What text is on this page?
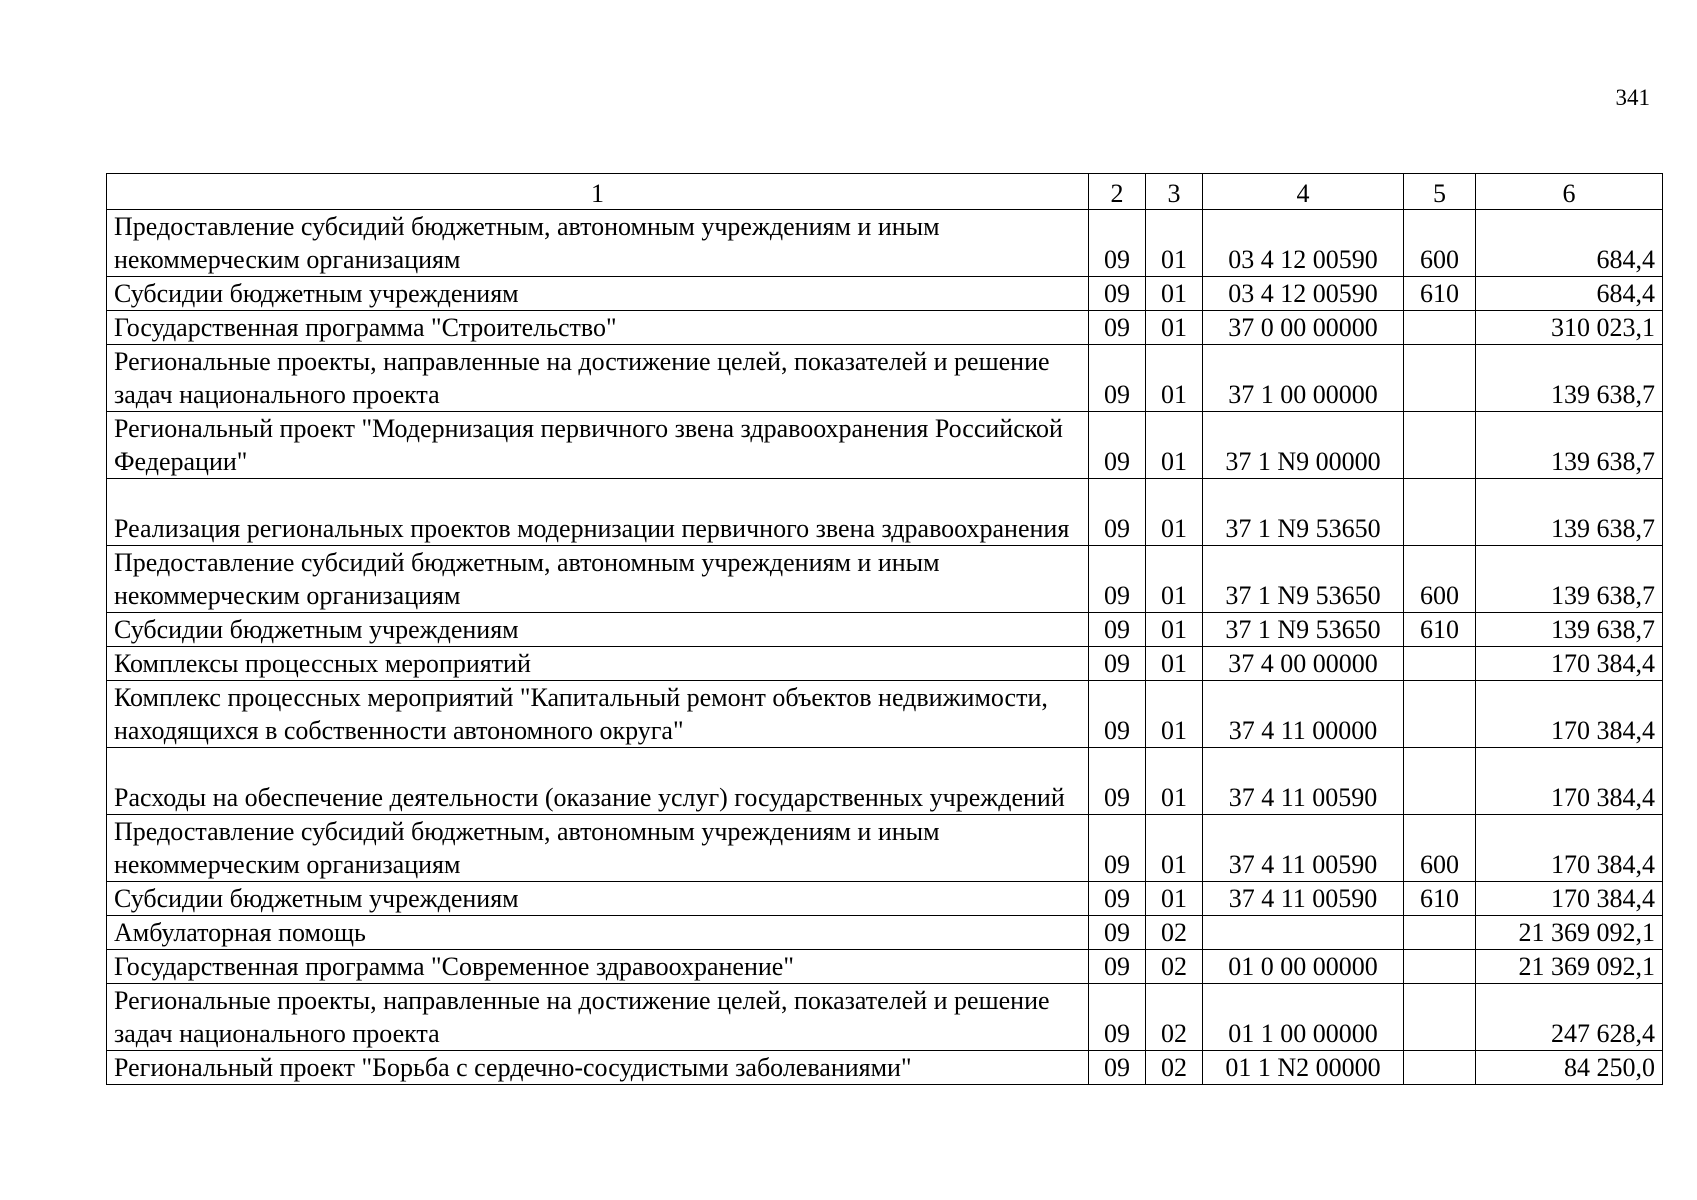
341
1	2	3	4	5	6
Предоставление субсидий бюджетным, автономным учреждениям и иным некоммерческим организациям	09	01	03 4 12 00590	600	684,4
Субсидии бюджетным учреждениям	09	01	03 4 12 00590	610	684,4
Государственная программа "Строительство"	09	01	37 0 00 00000		310 023,1
Региональные проекты, направленные на достижение целей, показателей и решение задач национального проекта	09	01	37 1 00 00000		139 638,7
Региональный проект "Модернизация первичного звена здравоохранения Российской Федерации"	09	01	37 1 N9 00000		139 638,7
Реализация региональных проектов модернизации первичного звена здравоохранения	09	01	37 1 N9 53650		139 638,7
Предоставление субсидий бюджетным, автономным учреждениям и иным некоммерческим организациям	09	01	37 1 N9 53650	600	139 638,7
Субсидии бюджетным учреждениям	09	01	37 1 N9 53650	610	139 638,7
Комплексы процессных мероприятий	09	01	37 4 00 00000		170 384,4
Комплекс процессных мероприятий "Капитальный ремонт объектов недвижимости, находящихся в собственности автономного округа"	09	01	37 4 11 00000		170 384,4
Расходы на обеспечение деятельности (оказание услуг) государственных учреждений	09	01	37 4 11 00590		170 384,4
Предоставление субсидий бюджетным, автономным учреждениям и иным некоммерческим организациям	09	01	37 4 11 00590	600	170 384,4
Субсидии бюджетным учреждениям	09	01	37 4 11 00590	610	170 384,4
Амбулаторная помощь	09	02			21 369 092,1
Государственная программа "Современное здравоохранение"	09	02	01 0 00 00000		21 369 092,1
Региональные проекты, направленные на достижение целей, показателей и решение задач национального проекта	09	02	01 1 00 00000		247 628,4
Региональный проект "Борьба с сердечно-сосудистыми заболеваниями"	09	02	01 1 N2 00000		84 250,0
